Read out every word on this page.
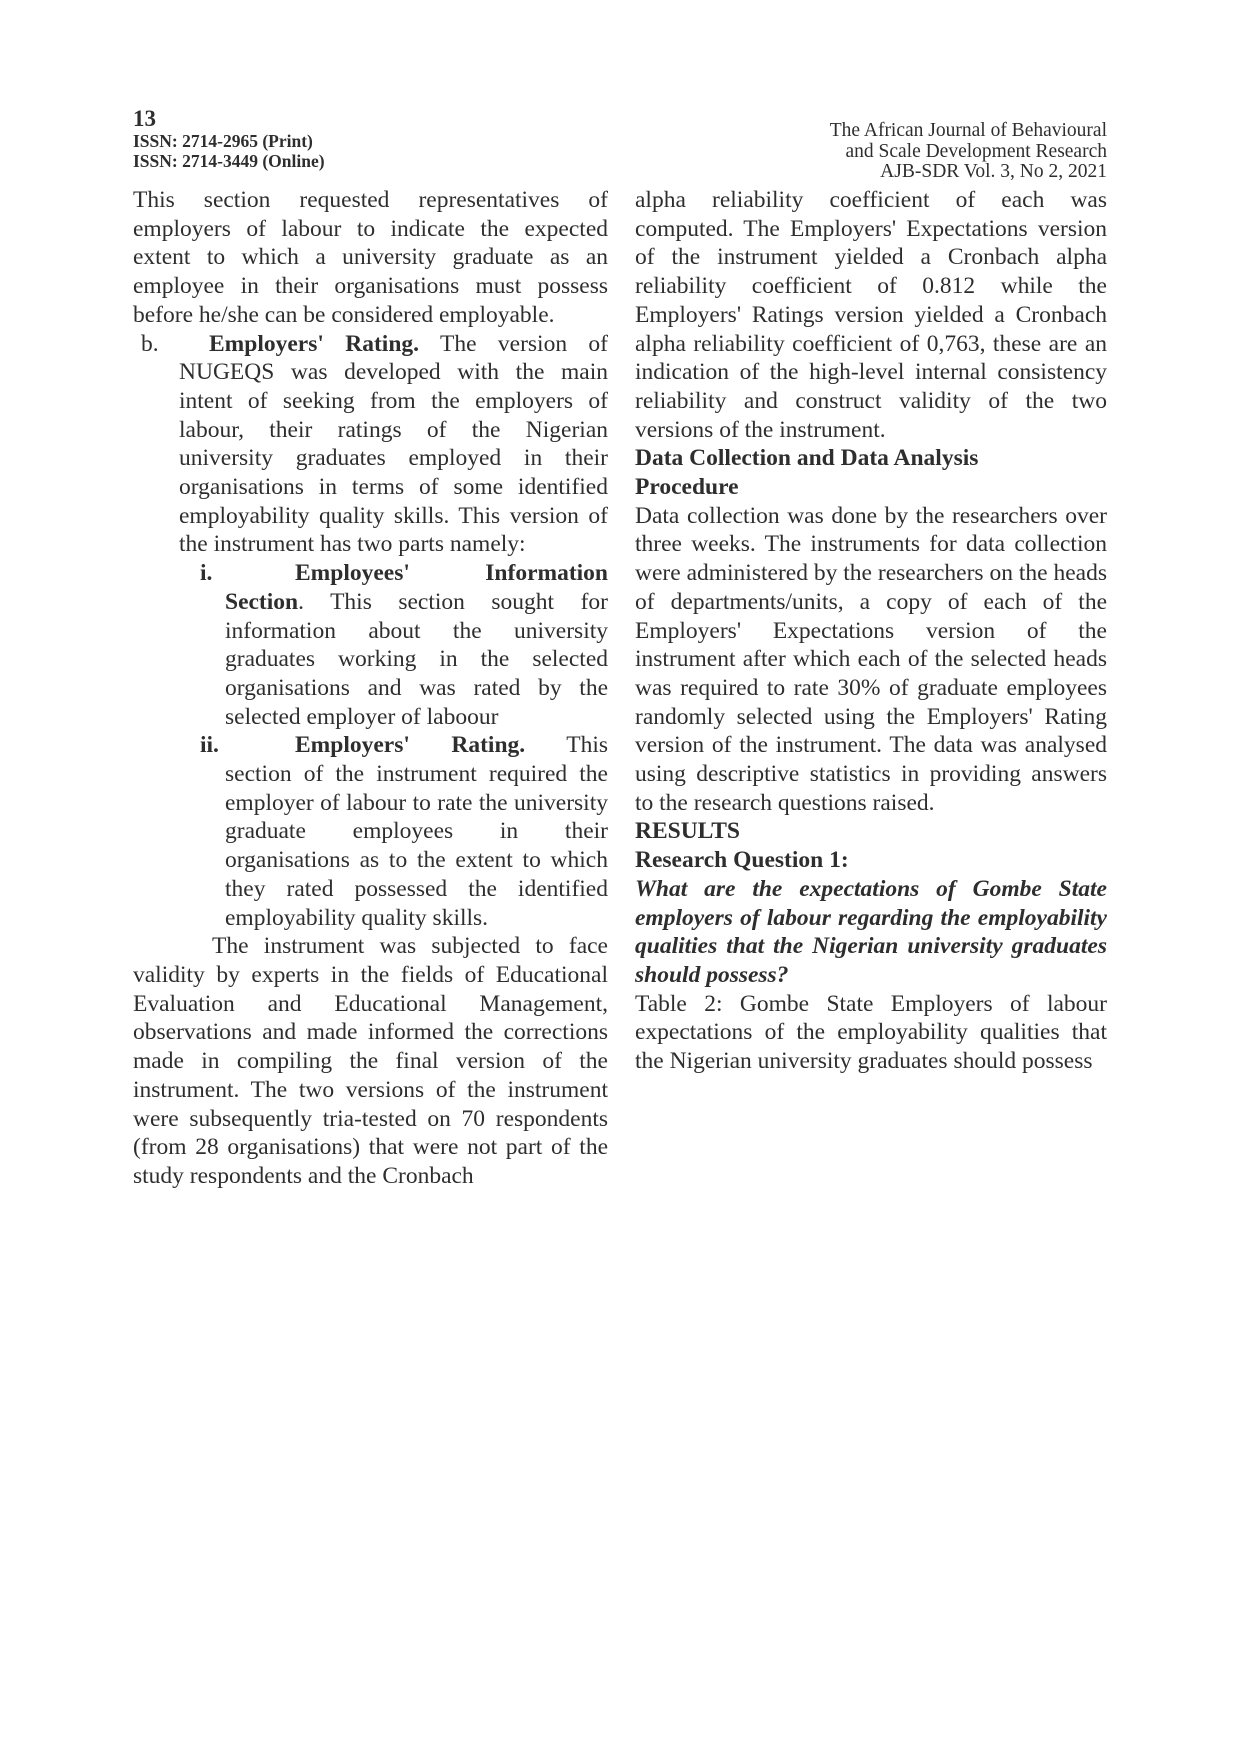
13
ISSN: 2714-2965 (Print)
ISSN: 2714-3449 (Online)
The African Journal of Behavioural
and Scale Development Research
AJB-SDR Vol. 3, No 2, 2021

This section requested representatives of employers of labour to indicate the expected extent to which a university graduate as an employee in their organisations must possess before he/she can be considered employable.

b.	Employers' Rating. The version of NUGEQS was developed with the main intent of seeking from the employers of labour, their ratings of the Nigerian university graduates employed in their organisations in terms of some identified employability quality skills. This version of the instrument has two parts namely:

i.	Employees' Information Section. This section sought for information about the university graduates working in the selected organisations and was rated by the selected employer of laboour

ii.	Employers' Rating. This section of the instrument required the employer of labour to rate the university graduate employees in their organisations as to the extent to which they rated possessed the identified employability quality skills.

The instrument was subjected to face validity by experts in the fields of Educational Evaluation and Educational Management, observations and made informed the corrections made in compiling the final version of the instrument. The two versions of the instrument were subsequently tria-tested on 70 respondents (from 28 organisations) that were not part of the study respondents and the Cronbach

alpha reliability coefficient of each was computed. The Employers' Expectations version of the instrument yielded a Cronbach alpha reliability coefficient of 0.812 while the Employers' Ratings version yielded a Cronbach alpha reliability coefficient of 0,763, these are an indication of the high-level internal consistency reliability and construct validity of the two versions of the instrument.

Data Collection and Data Analysis

Procedure

Data collection was done by the researchers over three weeks. The instruments for data collection were administered by the researchers on the heads of departments/units, a copy of each of the Employers' Expectations version of the instrument after which each of the selected heads was required to rate 30% of graduate employees randomly selected using the Employers' Rating version of the instrument. The data was analysed using descriptive statistics in providing answers to the research questions raised.

RESULTS

Research Question 1:

What are the expectations of Gombe State employers of labour regarding the employability qualities that the Nigerian university graduates should possess?

Table 2: Gombe State Employers of labour expectations of the employability qualities that the Nigerian university graduates should possess
